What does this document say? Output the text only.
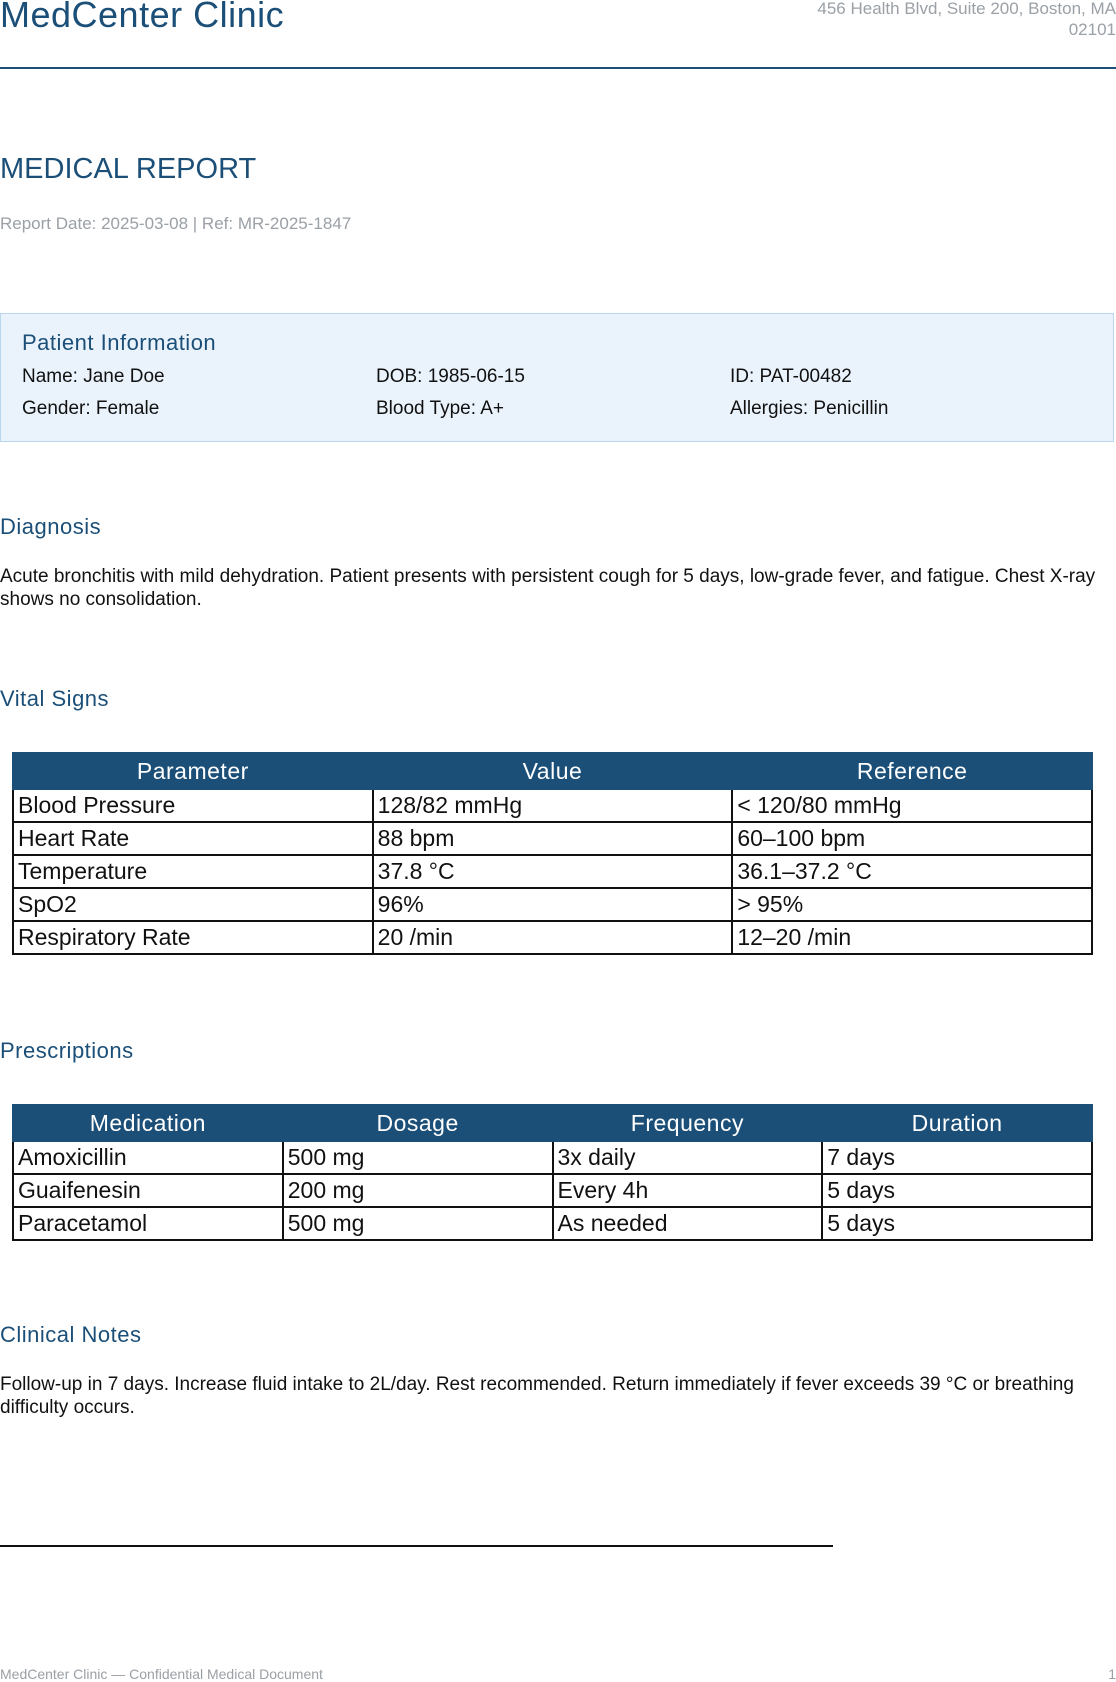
MedCenter Clinic	456 Health Blvd, Suite 200, Boston, MA
02101
MEDICAL REPORT
Report Date: 2025-03-08 | Ref: MR-2025-1847
Patient Information
Name: Jane Doe	DOB: 1985-06-15	ID: PAT-00482
Gender: Female	Blood Type: A+	Allergies: Penicillin
Diagnosis
Acute bronchitis with mild dehydration. Patient presents with persistent cough for 5 days, low-grade fever, and fatigue. Chest X-ray shows no consolidation.
Vital Signs
Parameter	Value	Reference
Blood Pressure	128/82 mmHg	< 120/80 mmHg
Heart Rate	88 bpm	60–100 bpm
Temperature	37.8 °C	36.1–37.2 °C
SpO2	96%	> 95%
Respiratory Rate	20 /min	12–20 /min
Prescriptions
Medication	Dosage	Frequency	Duration
Amoxicillin	500 mg	3x daily	7 days
Guaifenesin	200 mg	Every 4h	5 days
Paracetamol	500 mg	As needed	5 days
Clinical Notes
Follow-up in 7 days. Increase fluid intake to 2L/day. Rest recommended. Return immediately if fever exceeds 39 °C or breathing difficulty occurs.
MedCenter Clinic — Confidential Medical Document	1
